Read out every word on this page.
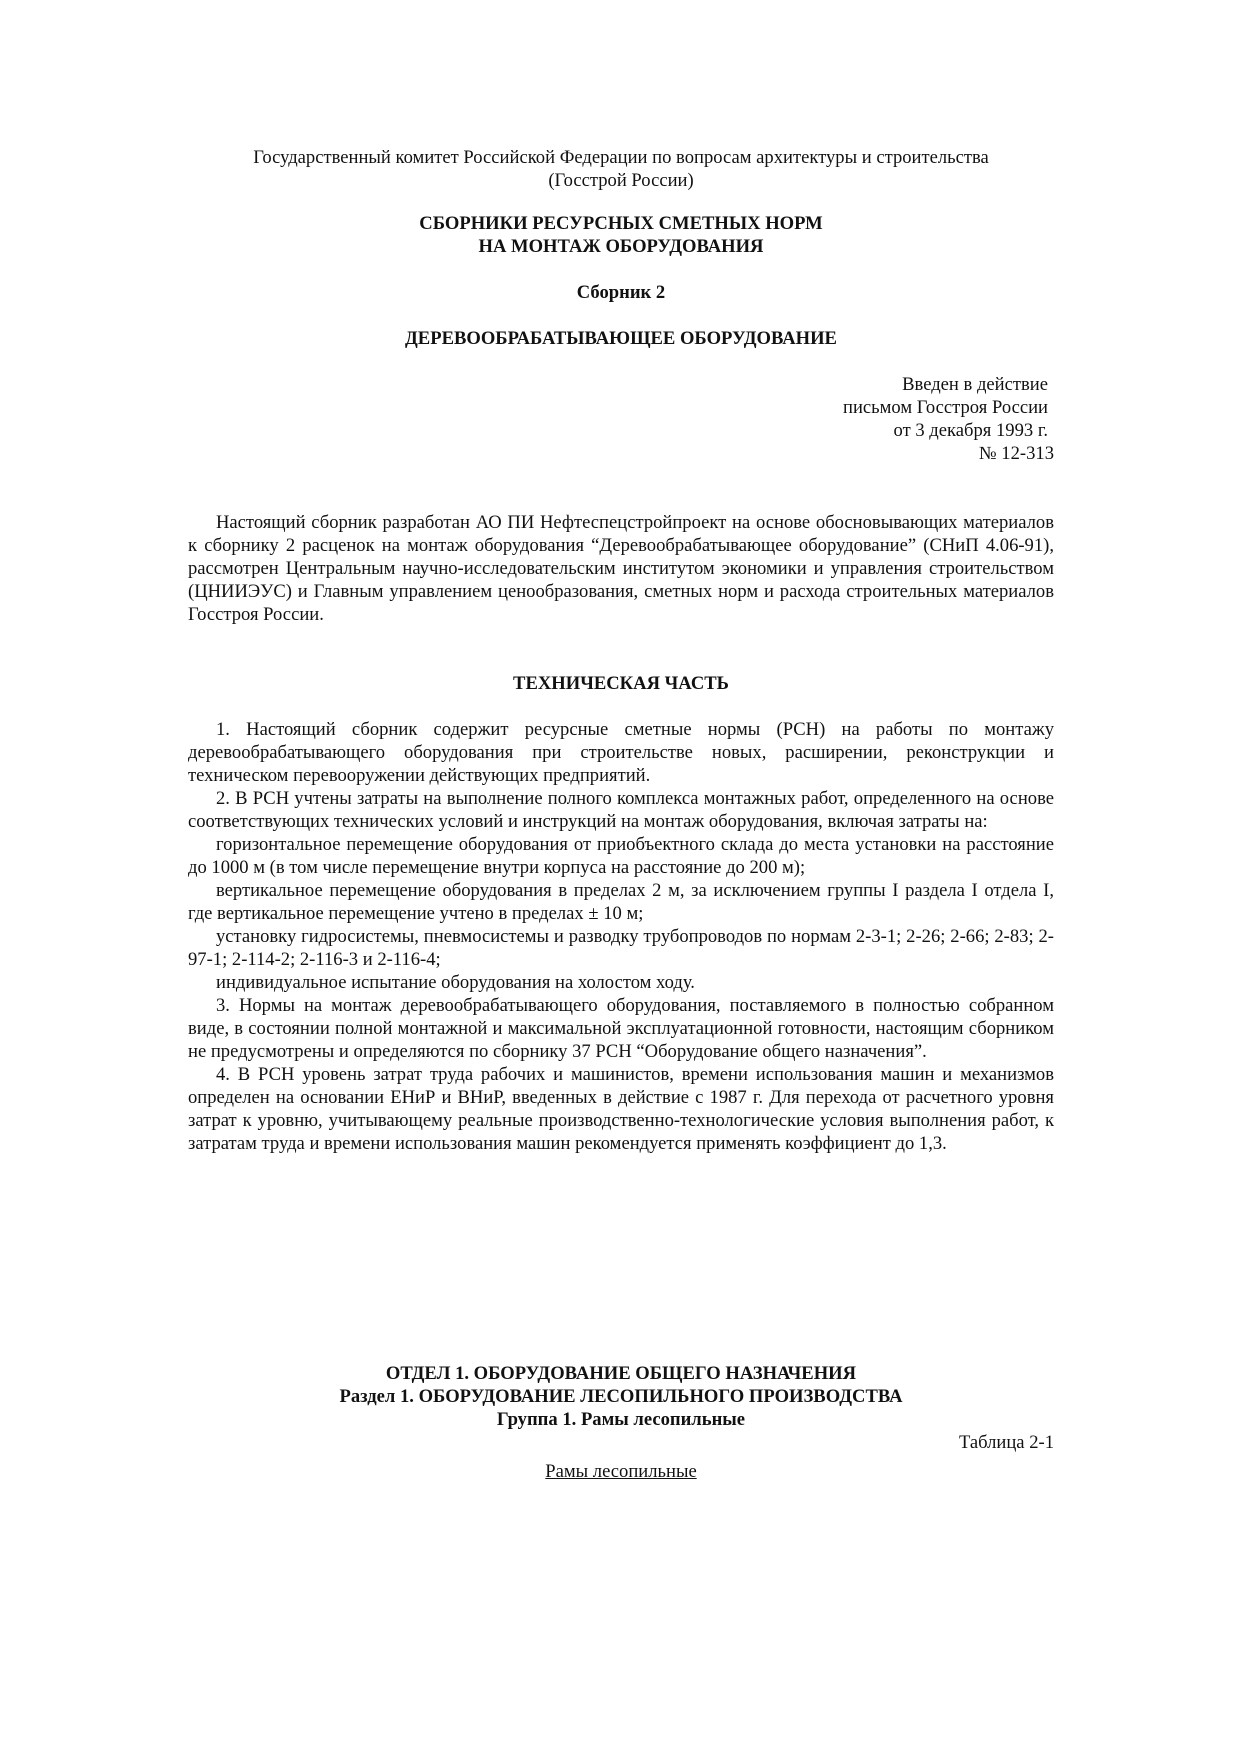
Государственный комитет Российской Федерации по вопросам архитектуры и строительства
(Госстрой России)
СБОРНИКИ РЕСУРСНЫХ СМЕТНЫХ НОРМ
НА МОНТАЖ ОБОРУДОВАНИЯ
Сборник 2
ДЕРЕВООБРАБАТЫВАЮЩЕЕ ОБОРУДОВАНИЕ
Введен в действие
письмом Госстроя России
от 3 декабря 1993 г.
№ 12-313

Настоящий сборник разработан АО ПИ Нефтеспецстройпроект на основе обосновывающих материалов к сборнику 2 расценок на монтаж оборудования “Деревообрабатывающее оборудование” (СНиП 4.06-91), рассмотрен Центральным научно-исследовательским институтом экономики и управления строительством (ЦНИИЭУС) и Главным управлением ценообразования, сметных норм и расхода строительных материалов Госстроя России.

ТЕХНИЧЕСКАЯ ЧАСТЬ

1. Настоящий сборник содержит ресурсные сметные нормы (РСН) на работы по монтажу деревообрабатывающего оборудования при строительстве новых, расширении, реконструкции и техническом перевооружении действующих предприятий.

2. В РСН учтены затраты на выполнение полного комплекса монтажных работ, определенного на основе соответствующих технических условий и инструкций на монтаж оборудования, включая затраты на:

горизонтальное перемещение оборудования от приобъектного склада до места установки на расстояние до 1000 м (в том числе перемещение внутри корпуса на расстояние до 200 м);

вертикальное перемещение оборудования в пределах 2 м, за исключением группы I раздела I отдела I, где вертикальное перемещение учтено в пределах ± 10 м;

установку гидросистемы, пневмосистемы и разводку трубопроводов по нормам 2-3-1; 2-26; 2-66; 2-83; 2-97-1; 2-114-2; 2-116-3 и 2-116-4;

индивидуальное испытание оборудования на холостом ходу.

3. Нормы на монтаж деревообрабатывающего оборудования, поставляемого в полностью собранном виде, в состоянии полной монтажной и максимальной эксплуатационной готовности, настоящим сборником не предусмотрены и определяются по сборнику 37 РСН “Оборудование общего назначения”.

4. В РСН уровень затрат труда рабочих и машинистов, времени использования машин и механизмов определен на основании ЕНиР и ВНиР, введенных в действие с 1987 г. Для перехода от расчетного уровня затрат к уровню, учитывающему реальные производственно-технологические условия выполнения работ, к затратам труда и времени использования машин рекомендуется применять коэффициент до 1,3.

ОТДЕЛ 1. ОБОРУДОВАНИЕ ОБЩЕГО НАЗНАЧЕНИЯ
Раздел 1. ОБОРУДОВАНИЕ ЛЕСОПИЛЬНОГО ПРОИЗВОДСТВА
Группа 1. Рамы лесопильные
Таблица 2-1
Рамы лесопильные
